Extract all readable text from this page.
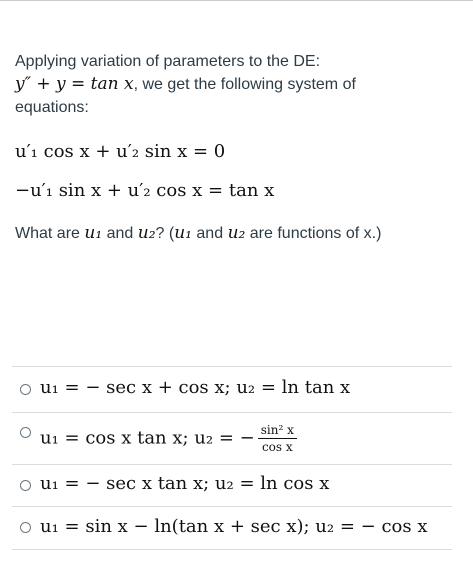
Applying variation of parameters to the DE:
y″ + y = tan x, we get the following system of
equations:
u′₁ cos x + u′₂ sin x = 0
−u′₁ sin x + u′₂ cos x = tan x
What are u₁ and u₂? (u₁ and u₂ are functions of x.)
u₁ = − sec x + cos x; u₂ = ln tan x
u₁ = cos x tan x; u₂ = − $\frac{\text{sin² x}}{\text{cos x}}$
u₁ = − sec x tan x; u₂ = ln cos x
u₁ = sin x − ln(tan x + sec x); u₂ = − cos x
